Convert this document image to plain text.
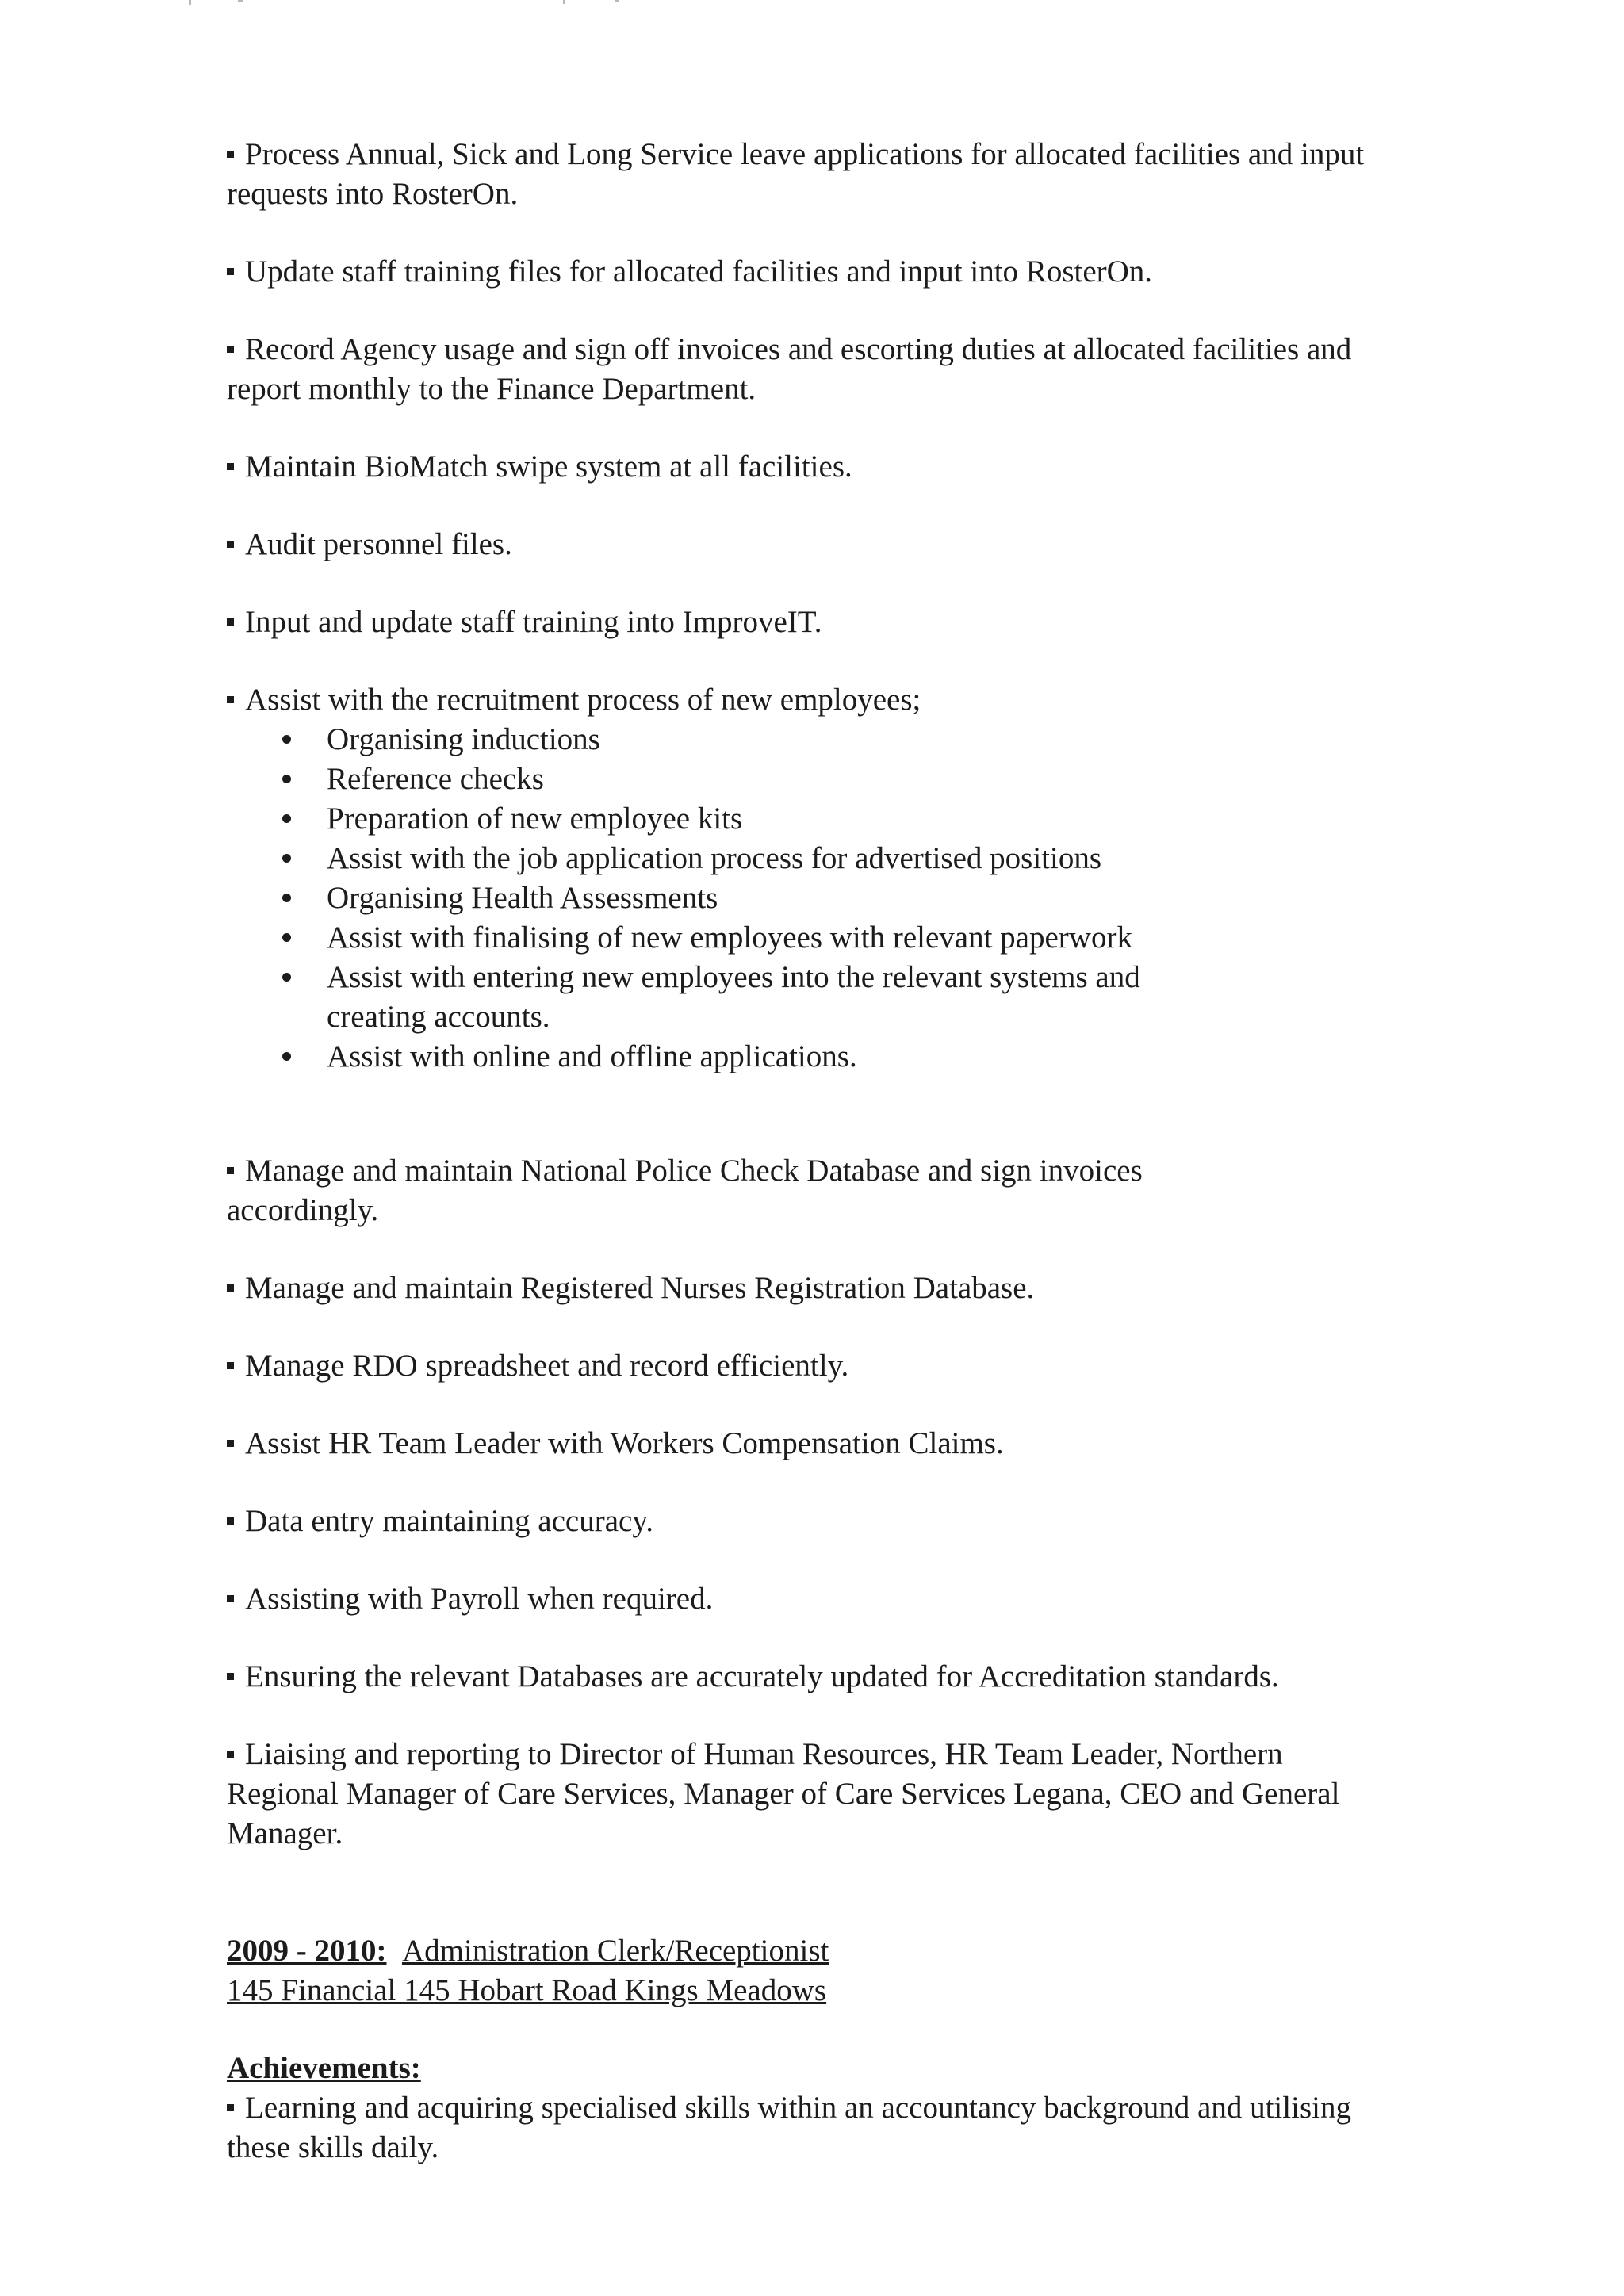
Process Annual, Sick and Long Service leave applications for allocated facilities and input requests into RosterOn.

Update staff training files for allocated facilities and input into RosterOn.

Record Agency usage and sign off invoices and escorting duties at allocated facilities and report monthly to the Finance Department.

Maintain BioMatch swipe system at all facilities.

Audit personnel files.

Input and update staff training into ImproveIT.

Assist with the recruitment process of new employees;

Organising inductions
Reference checks
Preparation of new employee kits
Assist with the job application process for advertised positions
Organising Health Assessments
Assist with finalising of new employees with relevant paperwork
Assist with entering new employees into the relevant systems and creating accounts.
Assist with online and offline applications.

Manage and maintain National Police Check Database and sign invoices accordingly.

Manage and maintain Registered Nurses Registration Database.

Manage RDO spreadsheet and record efficiently.

Assist HR Team Leader with Workers Compensation Claims.

Data entry maintaining accuracy.

Assisting with Payroll when required.

Ensuring the relevant Databases are accurately updated for Accreditation standards.

Liaising and reporting to Director of Human Resources, HR Team Leader, Northern Regional Manager of Care Services, Manager of Care Services Legana, CEO and General Manager.

2009 - 2010: Administration Clerk/Receptionist

145 Financial 145 Hobart Road Kings Meadows

Achievements:

Learning and acquiring specialised skills within an accountancy background and utilising these skills daily.
